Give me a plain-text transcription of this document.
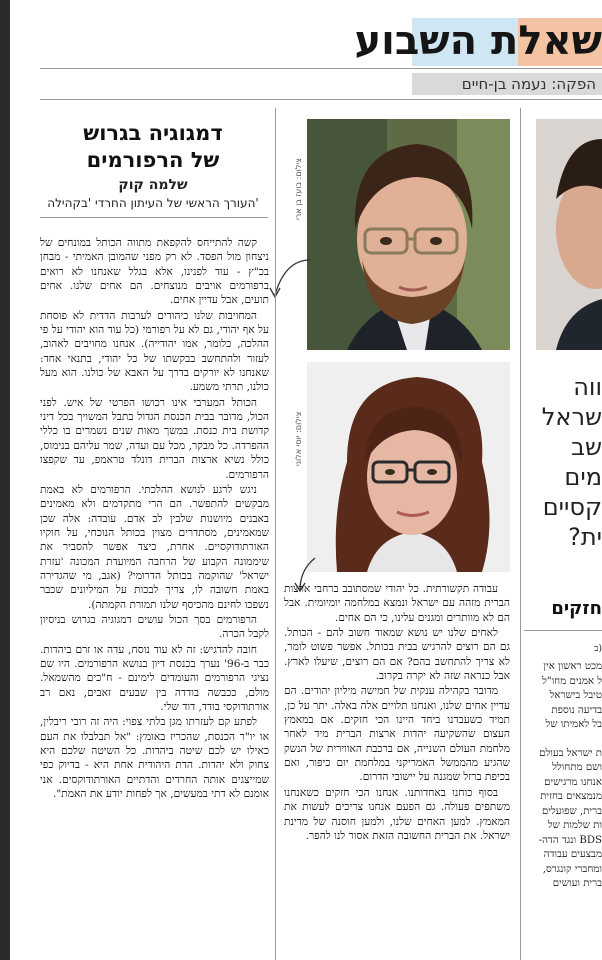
שאלת השבוע
הפקה: נעמה בן-חיים
צילום: בועז בן ארי
צילום: יוסי אלוני
דמגוגיה בגרוש
של הרפורמים
שלמה קוק
העורך הראשי של העיתון החרדי 'בקהילה'

קשה להתייחס להקפאת מתווה הכותל במונחים של ניצחון מול הפסד. לא רק מפני שהמובן האמיתי - מבחן בכ"ץ - עוד לפנינו, אלא בגלל שאנחנו לא רואים ברפורמים אויבים מנוצחים. הם אחים שלנו. אחים תועים, אבל עדיין אחים.

המחויבות שלנו כיהודים לערבות הדדית לא פוסחת על אף יהודי, גם לא על רפורמי (כל עוד הוא יהודי על פי ההלכה, כלומר, אמו יהודייה). אנחנו מחויבים לאהוב, לעזור ולהתחשב בבקשתו של כל יהודי, בתנאי אחד: שאנחנו לא יורקים בדרך על האבא של כולנו. הוא מעל כולנו, תרתי משמע.

הכותל המערבי אינו רכושו הפרטי של איש. לפני הכול, מדובר בבית הכנסת הגדול בתבל המשויך בכל דיני קדושת בית כנסת. במשך מאות שנים נשמרים בו כללי ההפרדה. כל מבקר, מכל עם ועדה, שמר עליהם בנימוס, כולל נשיא ארצות הברית דונלד טראמפ, עד שקפצו הרפורמים.

ניגש לרגע לנושא ההלכתי. הרפורמים לא באמת מבקשים להתפשר. הם הרי מתקדמים ולא מאמינים באבנים מיושנות שלבין לב אדם. עובדה: אלה שכן שמאמינים, מסתדרים מצוין בכותל הנוכחי, על חוקיו האורתודוקסיים. אחרת, כיצד אפשר להסביר את שיממונה הקבוע של הרחבה המיועדת המכונה 'עזרת ישראל' שהוקמה בכותל הדרומי? (אגב, מי שהגדירה באמת חשובה לו, צריך לבכות על המיליונים שכבר נשפכו לחינם מהכיסף שלנו תמורת הקמתה).

הרפורמים בסך הכול עושים דמגוגיה בגרוש בניסיון לקבל הכרה.

חובה להדגיש: זה לא עוד נוסח, עדה או זרם ביהדות. כבר ב-96' נערך בכנסת דיון בנושא הרפורמים. היו שם נציגי הרפורמים והעומדים לימינם - ח"כים מהשמאל. מולם, ככבשה בודדה בין שבעים זאבים, נאם רב אורתודוקסי בודד, דוד שלי.

לפתע קם לעזרתו מגן בלתי צפוי: היה זה רובי ריבלין, או יו"ר הכנסת, שהכריז באומץ: "אל תבלבלו את העם כאילו יש לכם שיטה ביהדות. כל השיטה שלכם היא צחוק ולא יהדות. הדת היהודית אחת היא - בדיוק כפי שמייצגים אותה החרדים והדתיים האורתודוקסים. אני אומנם לא דתי במעשים, אך לפחות יודע את האמת".

עבודה תקשורתית. כל יהודי שמסתובב ברחבי ארצות הברית מזהה עם ישראל ונמצא במלחמה יומיומית. אבל הם לא מוותרים ומגנים עלינו, כי הם אחים.

לאחים שלנו יש נושא שמאוד חשוב להם - הכותל. גם הם רוצים להרגיש בבית בכותל. אפשר פשוט לומר, לא צריך להתחשב בהם? אם הם רוצים, שיעלו לארץ. אבל כנראה שזה לא יקרה בקרוב.

מדובר בקהילה ענקית של חמישה מיליון יהודים. הם עדיין אחים שלנו, ואנחנו תלויים אלה באלה. יתר על כן, תמיד כשעבדנו ביחד היינו הכי חזקים. אם במאמץ העצום שהשקיעה יהדות ארצות הברית מיד לאחר מלחמת העולם השנייה, אם ברכבת האווירית של הנשק שהגיע מהממשל האמריקני במלחמת יום כיפור, ואם בכיפת ברזל שמגנה על יישובי הדרום.

בסוף כוחנו באחדותנו. אנחנו הכי חזקים כשאנחנו משתפים פעולה. גם הפעם אנחנו צריכים לעשות את המאמץ. למען האחים שלנו, ולמען חוסנה של מדינת ישראל. את הברית החשובה הזאת אסור לנו להפר.

ווה
שראל
שב
מים
קסיים
ית?
חזקים
(ב
מכט ראשון אין
ל אמנים מחו"ל
טיבל בישראל
בדיעה נוספת
בל לאמיתו של
ת ישראל בעולם
ושם מתחולל
אנחנו מרגישים
מנמצאים בחזית
ברית, שפועלים
ות שלמות של
BDS ונגד הדה-
מבצעים עבודה
ומחברי קונגרס,
ברית ועושים
